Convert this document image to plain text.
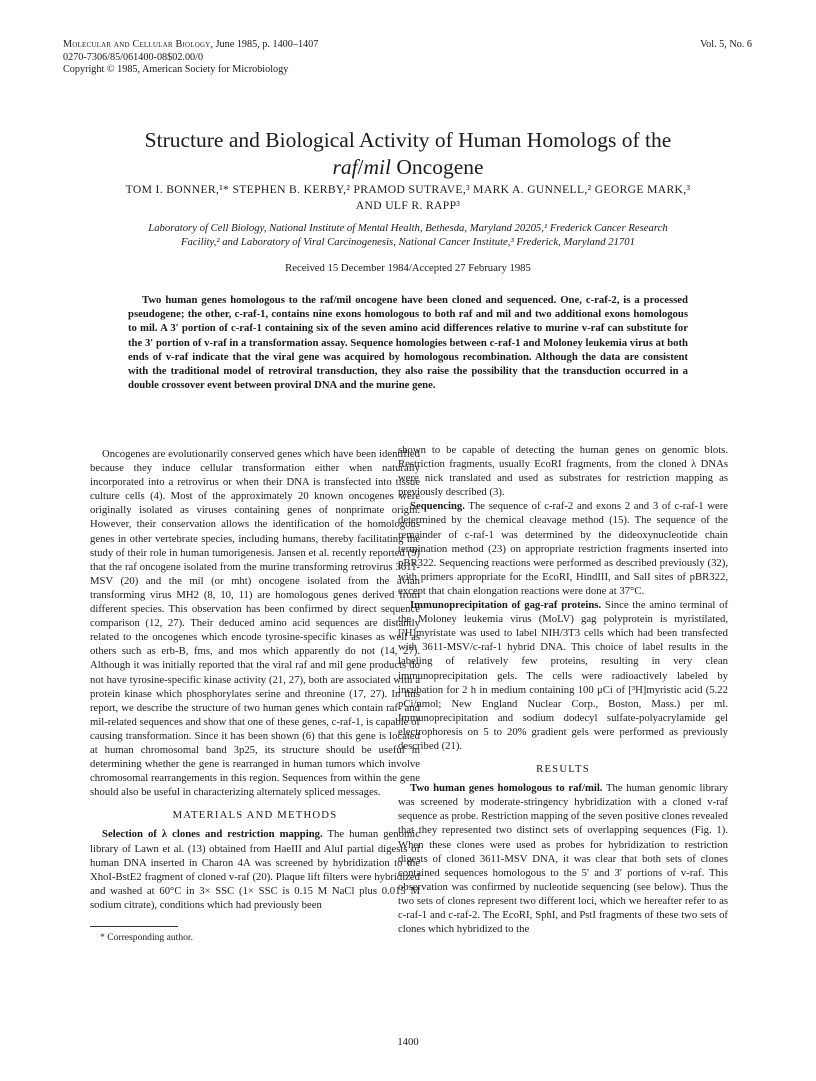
Molecular and Cellular Biology, June 1985, p. 1400–1407
0270-7306/85/061400-08$02.00/0
Copyright © 1985, American Society for Microbiology
Vol. 5, No. 6
Structure and Biological Activity of Human Homologs of the
raf/mil Oncogene
TOM I. BONNER,¹* STEPHEN B. KERBY,² PRAMOD SUTRAVE,³ MARK A. GUNNELL,² GEORGE MARK,³
AND ULF R. RAPP³
Laboratory of Cell Biology, National Institute of Mental Health, Bethesda, Maryland 20205,¹ Frederick Cancer Research
Facility,² and Laboratory of Viral Carcinogenesis, National Cancer Institute,³ Frederick, Maryland 21701
Received 15 December 1984/Accepted 27 February 1985
Two human genes homologous to the raf/mil oncogene have been cloned and sequenced. One, c-raf-2, is a processed pseudogene; the other, c-raf-1, contains nine exons homologous to both raf and mil and two additional exons homologous to mil. A 3′ portion of c-raf-1 containing six of the seven amino acid differences relative to murine v-raf can substitute for the 3′ portion of v-raf in a transformation assay. Sequence homologies between c-raf-1 and Moloney leukemia virus at both ends of v-raf indicate that the viral gene was acquired by homologous recombination. Although the data are consistent with the traditional model of retroviral transduction, they also raise the possibility that the transduction occurred in a double crossover event between proviral DNA and the murine gene.

Oncogenes are evolutionarily conserved genes which have been identified because they induce cellular transformation either when naturally incorporated into a retrovirus or when their DNA is transfected into tissue culture cells (4). Most of the approximately 20 known oncogenes were originally isolated as viruses containing genes of nonprimate origin. However, their conservation allows the identification of the homologous genes in other vertebrate species, including humans, thereby facilitating the study of their role in human tumorigenesis. Jansen et al. recently reported (9) that the raf oncogene isolated from the murine transforming retrovirus 3611-MSV (20) and the mil (or mht) oncogene isolated from the avian transforming virus MH2 (8, 10, 11) are homologous genes derived from different species. This observation has been confirmed by direct sequence comparison (12, 27). Their deduced amino acid sequences are distantly related to the oncogenes which encode tyrosine-specific kinases as well as others such as erb-B, fms, and mos which apparently do not (14, 27). Although it was initially reported that the viral raf and mil gene products do not have tyrosine-specific kinase activity (21, 27), both are associated with a protein kinase which phosphorylates serine and threonine (17, 27). In this report, we describe the structure of two human genes which contain raf- and mil-related sequences and show that one of these genes, c-raf-1, is capable of causing transformation. Since it has been shown (6) that this gene is located at human chromosomal band 3p25, its structure should be useful in determining whether the gene is rearranged in human tumors which involve chromosomal rearrangements in this region. Sequences from within the gene should also be useful in characterizing alternately spliced messages.

MATERIALS AND METHODS

Selection of λ clones and restriction mapping. The human genomic library of Lawn et al. (13) obtained from HaeIII and AluI partial digests of human DNA inserted in Charon 4A was screened by hybridization to the XhoI-BstE2 fragment of cloned v-raf (20). Plaque lift filters were hybridized and washed at 60°C in 3× SSC (1× SSC is 0.15 M NaCl plus 0.015 M sodium citrate), conditions which had previously been

* Corresponding author.

shown to be capable of detecting the human genes on genomic blots. Restriction fragments, usually EcoRI fragments, from the cloned λ DNAs were nick translated and used as substrates for restriction mapping as previously described (3).

Sequencing. The sequence of c-raf-2 and exons 2 and 3 of c-raf-1 were determined by the chemical cleavage method (15). The sequence of the remainder of c-raf-1 was determined by the dideoxynucleotide chain termination method (23) on appropriate restriction fragments inserted into pBR322. Sequencing reactions were performed as described previously (32), with primers appropriate for the EcoRI, HindIII, and SalI sites of pBR322, except that chain elongation reactions were done at 37°C.

Immunoprecipitation of gag-raf proteins. Since the amino terminal of the Moloney leukemia virus (MoLV) gag polyprotein is myristilated, [³H]myristate was used to label NIH/3T3 cells which had been transfected with 3611-MSV/c-raf-1 hybrid DNA. This choice of label results in the labeling of relatively few proteins, resulting in very clean immunoprecipitation gels. The cells were radioactively labeled by incubation for 2 h in medium containing 100 μCi of [³H]myristic acid (5.22 pCi/nmol; New England Nuclear Corp., Boston, Mass.) per ml. Immunoprecipitation and sodium dodecyl sulfate-polyacrylamide gel electrophoresis on 5 to 20% gradient gels were performed as previously described (21).

RESULTS

Two human genes homologous to raf/mil. The human genomic library was screened by moderate-stringency hybridization with a cloned v-raf sequence as probe. Restriction mapping of the seven positive clones revealed that they represented two distinct sets of overlapping sequences (Fig. 1). When these clones were used as probes for hybridization to restriction digests of cloned 3611-MSV DNA, it was clear that both sets of clones contained sequences homologous to the 5′ and 3′ portions of v-raf. This observation was confirmed by nucleotide sequencing (see below). Thus the two sets of clones represent two different loci, which we hereafter refer to as c-raf-1 and c-raf-2. The EcoRI, SphI, and PstI fragments of these two sets of clones which hybridized to the

1400
